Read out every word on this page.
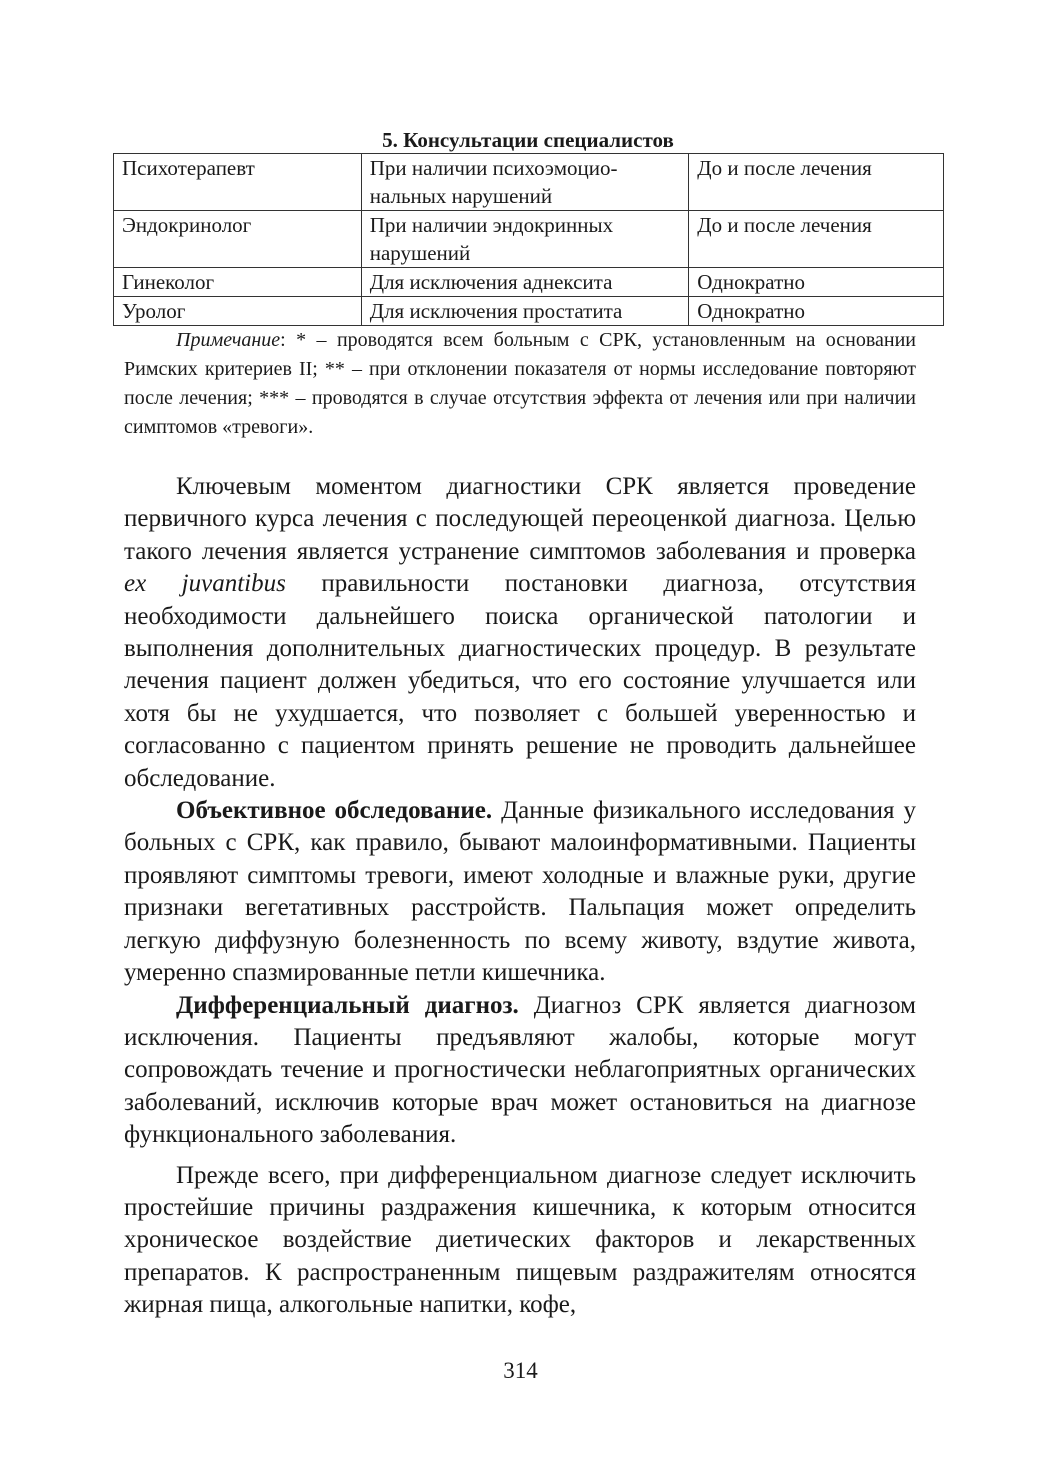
5. Консультации специалистов
Психотерапевт	При наличии психоэмоцио-нальных нарушений	До и после лечения
Эндокринолог	При наличии эндокринных нарушений	До и после лечения
Гинеколог	Для исключения аднексита	Однократно
Уролог	Для исключения простатита	Однократно
Примечание: * – проводятся всем больным с СРК, установленным на основании Римских критериев II; ** – при отклонении показателя от нормы исследование повторяют после лечения; *** – проводятся в случае отсутствия эффекта от лечения или при наличии симптомов «тревоги».

Ключевым моментом диагностики СРК является проведение первичного курса лечения с последующей переоценкой диагноза. Целью такого лечения является устранение симптомов заболевания и проверка ex juvantibus правильности постановки диагноза, отсутствия необходимости дальнейшего поиска органической патологии и выполнения дополнительных диагностических процедур. В результате лечения пациент должен убедиться, что его состояние улучшается или хотя бы не ухудшается, что позволяет с большей уверенностью и согласованно с пациентом принять решение не проводить дальнейшее обследование.

Объективное обследование. Данные физикального исследования у больных с СРК, как правило, бывают малоинформативными. Пациенты проявляют симптомы тревоги, имеют холодные и влажные руки, другие признаки вегетативных расстройств. Пальпация может определить легкую диффузную болезненность по всему животу, вздутие живота, умеренно спазмированные петли кишечника.

Дифференциальный диагноз. Диагноз СРК является диагнозом исключения. Пациенты предъявляют жалобы, которые могут сопровождать течение и прогностически неблагоприятных органических заболеваний, исключив которые врач может остановиться на диагнозе функционального заболевания.

Прежде всего, при дифференциальном диагнозе следует исключить простейшие причины раздражения кишечника, к которым относится хроническое воздействие диетических факторов и лекарственных препаратов. К распространенным пищевым раздражителям относятся жирная пища, алкогольные напитки, кофе,

314
